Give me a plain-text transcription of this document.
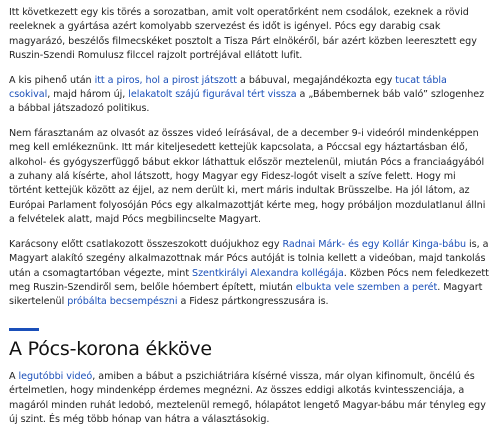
Itt következett egy kis törés a sorozatban, amit volt operatőrként nem csodálok, ezeknek a rövid reeleknek a gyártása azért komolyabb szervezést és időt is igényel. Pócs egy darabig csak magyarázó, beszélős filmecskéket posztolt a Tisza Párt elnökéről, bár azért közben leeresztett egy Ruszin-Szendi Romulusz filccel rajzolt portréjával ellátott lufit.

A kis pihenő után itt a piros, hol a pirost játszott a bábuval, megajándékozta egy tucat tábla csokival, majd három új, lelakatolt szájú figurával tért vissza a „Bábembernek báb való” szlogenhez a bábbal játszadozó politikus.

Nem fárasztanám az olvasót az összes videó leírásával, de a december 9-i videóról mindenképpen meg kell emlékeznünk. Itt már kiteljesedett kettejük kapcsolata, a Póccsal egy háztartásban élő, alkohol- és gyógyszerfüggő bábut ekkor láthattuk először meztelenül, miután Pócs a franciaágyából a zuhany alá kísérte, ahol látszott, hogy Magyar egy Fidesz-logót viselt a szíve felett. Hogy mi történt kettejük között az éjjel, az nem derült ki, mert máris indultak Brüsszelbe. Ha jól látom, az Európai Parlament folyosóján Pócs egy alkalmazottját kérte meg, hogy próbáljon mozdulatlanul állni a felvételek alatt, majd Pócs megbilincselte Magyart.

Karácsony előtt csatlakozott összeszokott duójukhoz egy Radnai Márk- és egy Kollár Kinga-bábu is, a Magyart alakító szegény alkalmazottnak már Pócs autóját is tolnia kellett a videóban, majd tankolás után a csomagtartóban végezte, mint Szentkirályi Alexandra kollégája. Közben Pócs nem feledkezett meg Ruszin-Szendiről sem, belőle hóembert épített, miután elbukta vele szemben a perét. Magyart sikertelenül próbálta becsempészni a Fidesz pártkongresszusára is.

A Pócs-korona ékköve

A legutóbbi videó, amiben a bábut a pszichiátriára kísérné vissza, már olyan kifinomult, öncélú és értelmetlen, hogy mindenképp érdemes megnézni. Az összes eddigi alkotás kvintesszenciája, a magáról minden ruhát ledobó, meztelenül remegő, hólapátot lengető Magyar-bábu már tényleg egy új szint. És még több hónap van hátra a választásokig.
